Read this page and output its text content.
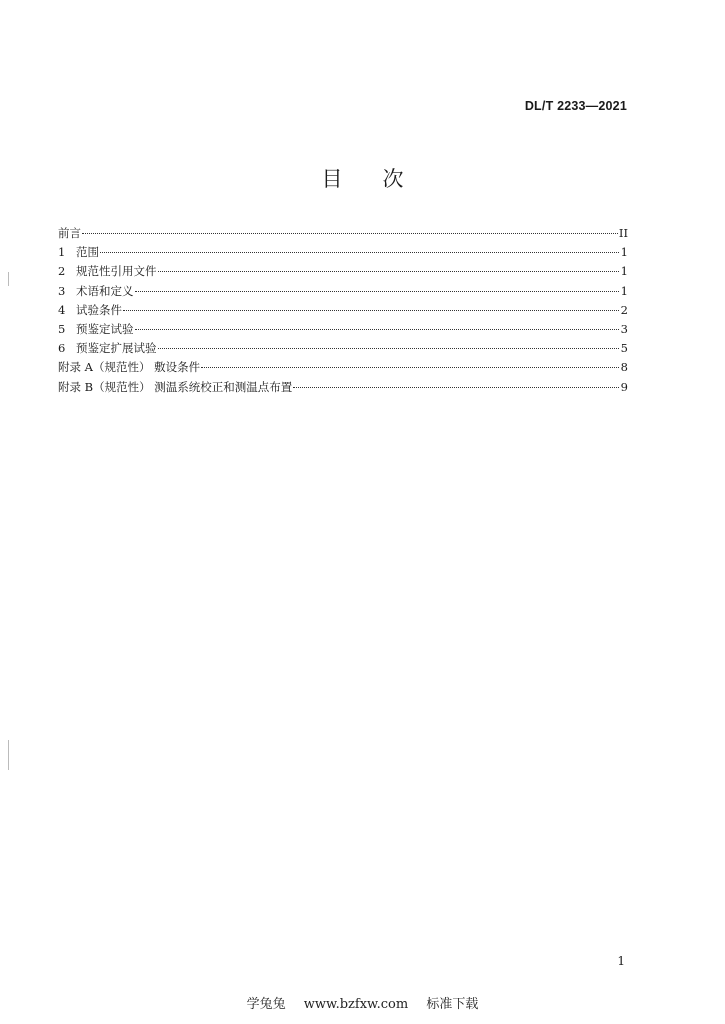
DL/T 2233—2021
目 次
前言	II
1 范围	1
2 规范性引用文件	1
3 术语和定义	1
4 试验条件	2
5 预鉴定试验	3
6 预鉴定扩展试验	5
附录 A（规范性） 敷设条件	8
附录 B（规范性） 测温系统校正和测温点布置	9
1
学兔兔 www.bzfxw.com 标准下载
